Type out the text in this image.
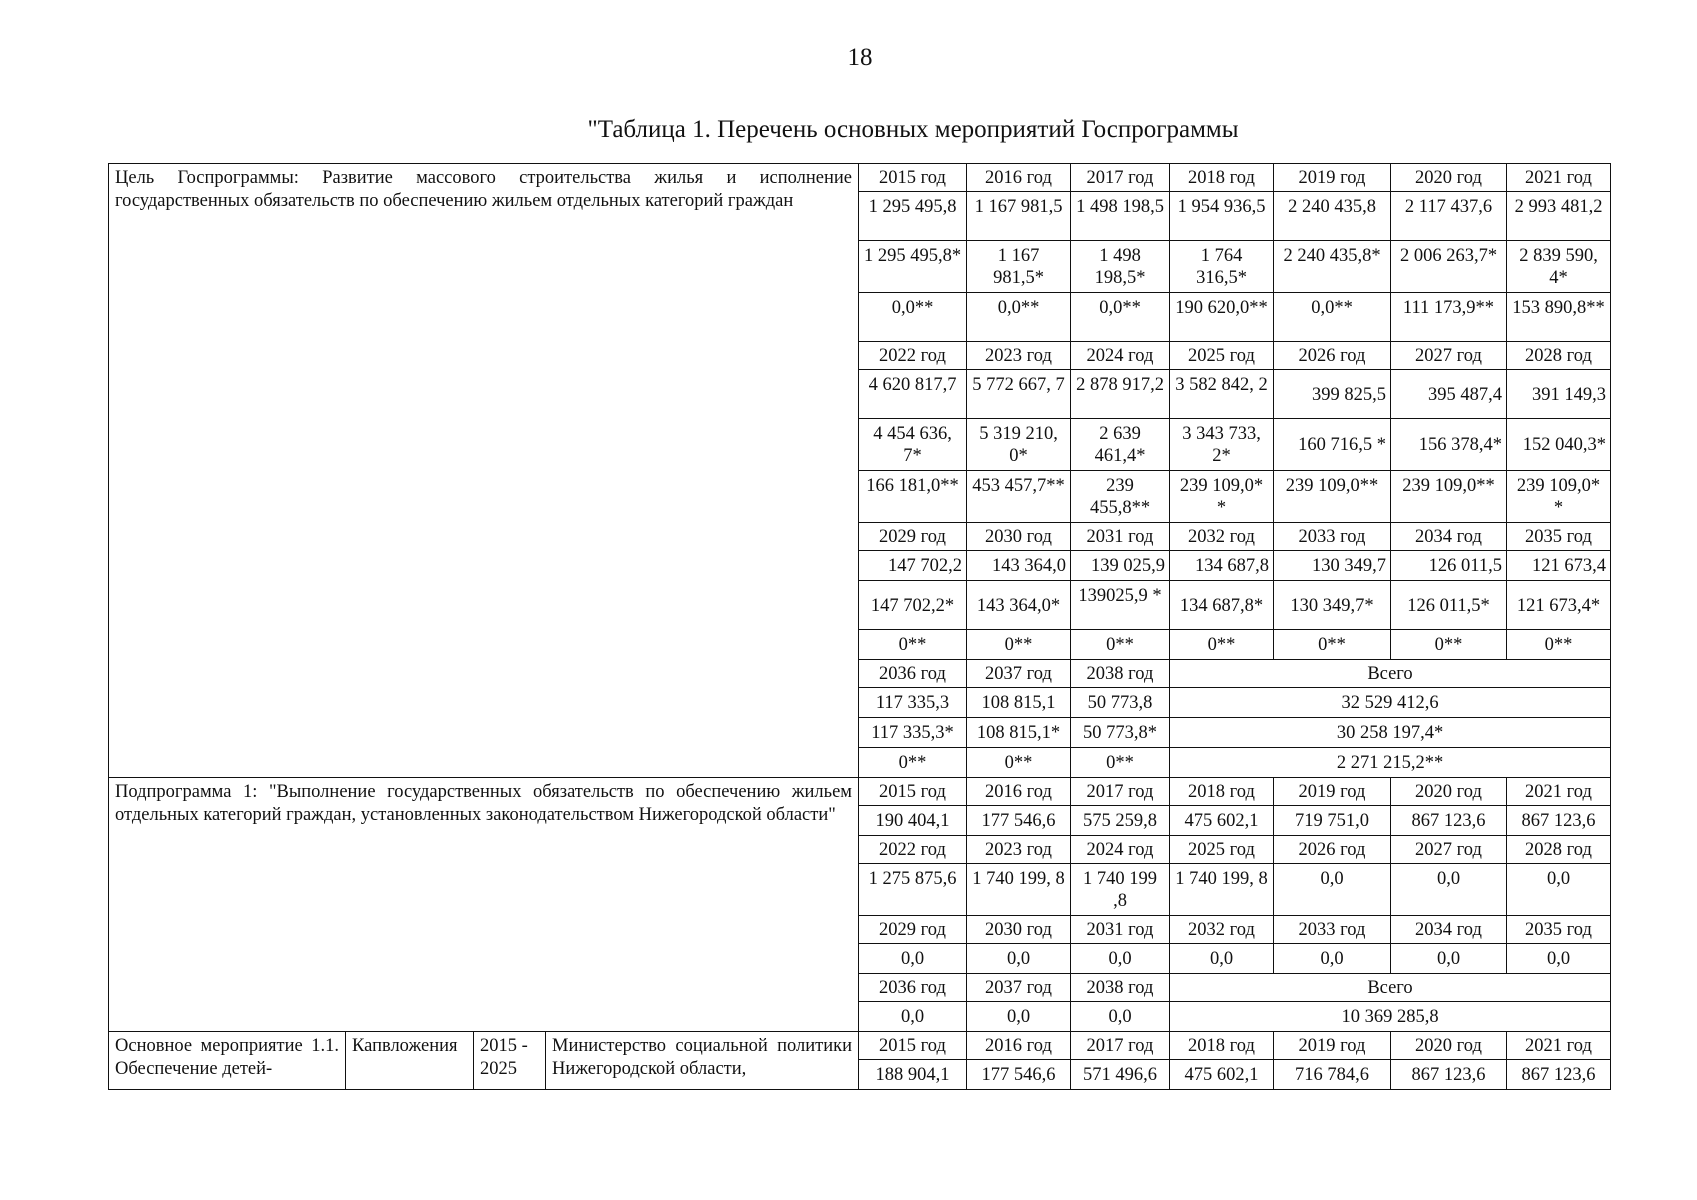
18
"Таблица 1. Перечень основных мероприятий Госпрограммы
Цель Госпрограммы: Развитие массового строительства жилья и исполнение государственных обязательств по обеспечению жильем отдельных категорий граждан				2015 год	2016 год	2017 год	2018 год	2019 год	2020 год	2021 год
				1 295 495,8	1 167 981,5	1 498 198,5	1 954 936,5	2 240 435,8	2 117 437,6	2 993 481,2
				1 295 495,8*	1 167 981,5*	1 498 198,5*	1 764 316,5*	2 240 435,8*	2 006 263,7*	2 839 590, 4*
				0,0**	0,0**	0,0**	190 620,0**	0,0**	111 173,9**	153 890,8**
				2022 год	2023 год	2024 год	2025 год	2026 год	2027 год	2028 год
				4 620 817,7	5 772 667, 7	2 878 917,2	3 582 842, 2	399 825,5	395 487,4	391 149,3
				4 454 636, 7*	5 319 210, 0*	2 639 461,4*	3 343 733, 2*	160 716,5 *	156 378,4*	152 040,3*
				166 181,0**	453 457,7**	239 455,8**	239 109,0* *	239 109,0**	239 109,0**	239 109,0* *
				2029 год	2030 год	2031 год	2032 год	2033 год	2034 год	2035 год
				147 702,2	143 364,0	139 025,9	134 687,8	130 349,7	126 011,5	121 673,4
				147 702,2*	143 364,0*	139025,9 *	134 687,8*	130 349,7*	126 011,5*	121 673,4*
				0**	0**	0**	0**	0**	0**	0**
				2036 год	2037 год	2038 год	Всего			
				117 335,3	108 815,1	50 773,8	32 529 412,6			
				117 335,3*	108 815,1*	50 773,8*	30 258 197,4*			
				0**	0**	0**	2 271 215,2**			
Подпрограмма 1: "Выполнение государственных обязательств по обеспечению жильем отдельных категорий граждан, установленных законодательством Нижегородской области"				2015 год	2016 год	2017 год	2018 год	2019 год	2020 год	2021 год
				190 404,1	177 546,6	575 259,8	475 602,1	719 751,0	867 123,6	867 123,6
				2022 год	2023 год	2024 год	2025 год	2026 год	2027 год	2028 год
				1 275 875,6	1 740 199, 8	1 740 199 ,8	1 740 199, 8	0,0	0,0	0,0
				2029 год	2030 год	2031 год	2032 год	2033 год	2034 год	2035 год
				0,0	0,0	0,0	0,0	0,0	0,0	0,0
				2036 год	2037 год	2038 год	Всего			
				0,0	0,0	0,0	10 369 285,8			
Основное мероприятие 1.1. Обеспечение детей-	Капвложения	2015 - 2025	Министерство социальной политики Нижегородской области,	2015 год	2016 год	2017 год	2018 год	2019 год	2020 год	2021 год
				188 904,1	177 546,6	571 496,6	475 602,1	716 784,6	867 123,6	867 123,6
